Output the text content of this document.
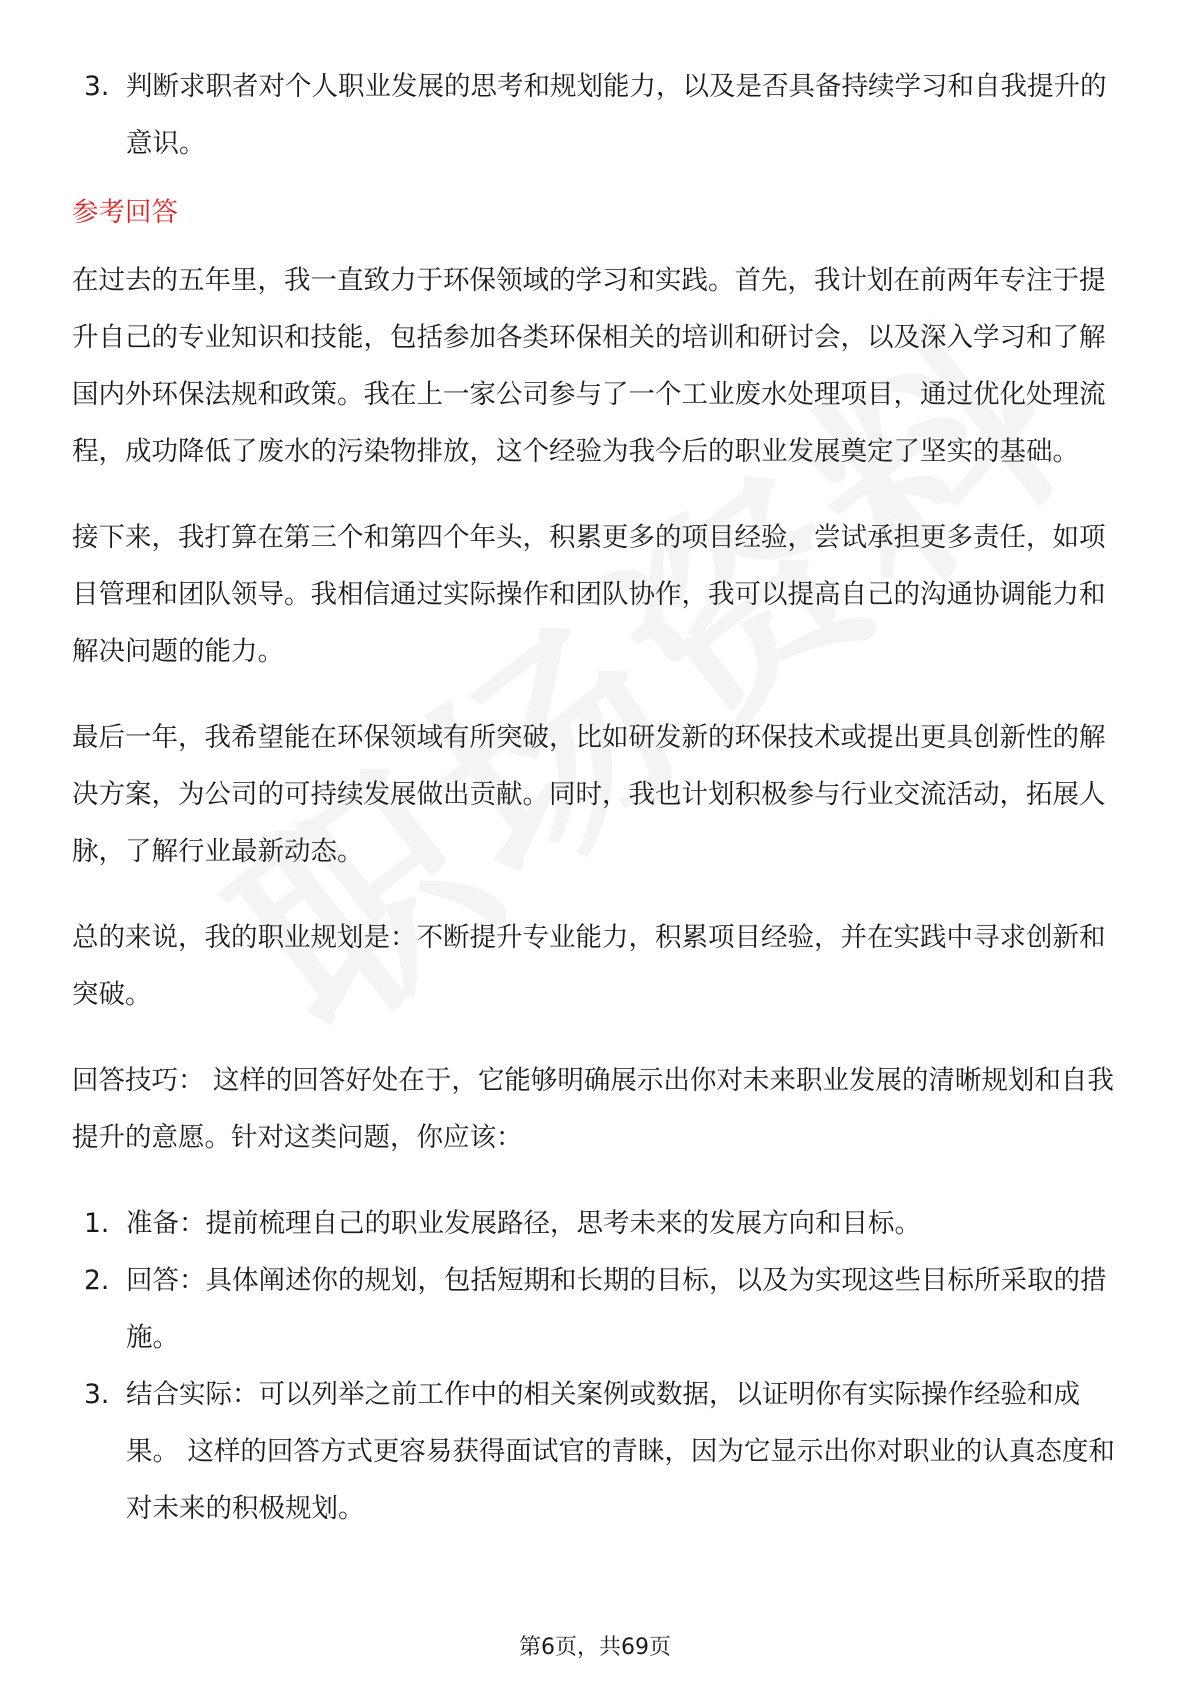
3. 判断求职者对个人职业发展的思考和规划能力，以及是否具备持续学习和自我提升的意识。
参考回答

在过去的五年里，我一直致力于环保领域的学习和实践。首先，我计划在前两年专注于提升自己的专业知识和技能，包括参加各类环保相关的培训和研讨会，以及深入学习和了解国内外环保法规和政策。我在上一家公司参与了一个工业废水处理项目，通过优化处理流程，成功降低了废水的污染物排放，这个经验为我今后的职业发展奠定了坚实的基础。

接下来，我打算在第三个和第四个年头，积累更多的项目经验，尝试承担更多责任，如项目管理和团队领导。我相信通过实际操作和团队协作，我可以提高自己的沟通协调能力和解决问题的能力。

最后一年，我希望能在环保领域有所突破，比如研发新的环保技术或提出更具创新性的解决方案，为公司的可持续发展做出贡献。同时，我也计划积极参与行业交流活动，拓展人脉，了解行业最新动态。

总的来说，我的职业规划是：不断提升专业能力，积累项目经验，并在实践中寻求创新和突破。

回答技巧： 这样的回答好处在于，它能够明确展示出你对未来职业发展的清晰规划和自我提升的意愿。针对这类问题，你应该：

1. 准备：提前梳理自己的职业发展路径，思考未来的发展方向和目标。
2. 回答：具体阐述你的规划，包括短期和长期的目标，以及为实现这些目标所采取的措施。
3. 结合实际：可以列举之前工作中的相关案例或数据，以证明你有实际操作经验和成果。 这样的回答方式更容易获得面试官的青睐，因为它显示出你对职业的认真态度和对未来的积极规划。
第6页，共69页
